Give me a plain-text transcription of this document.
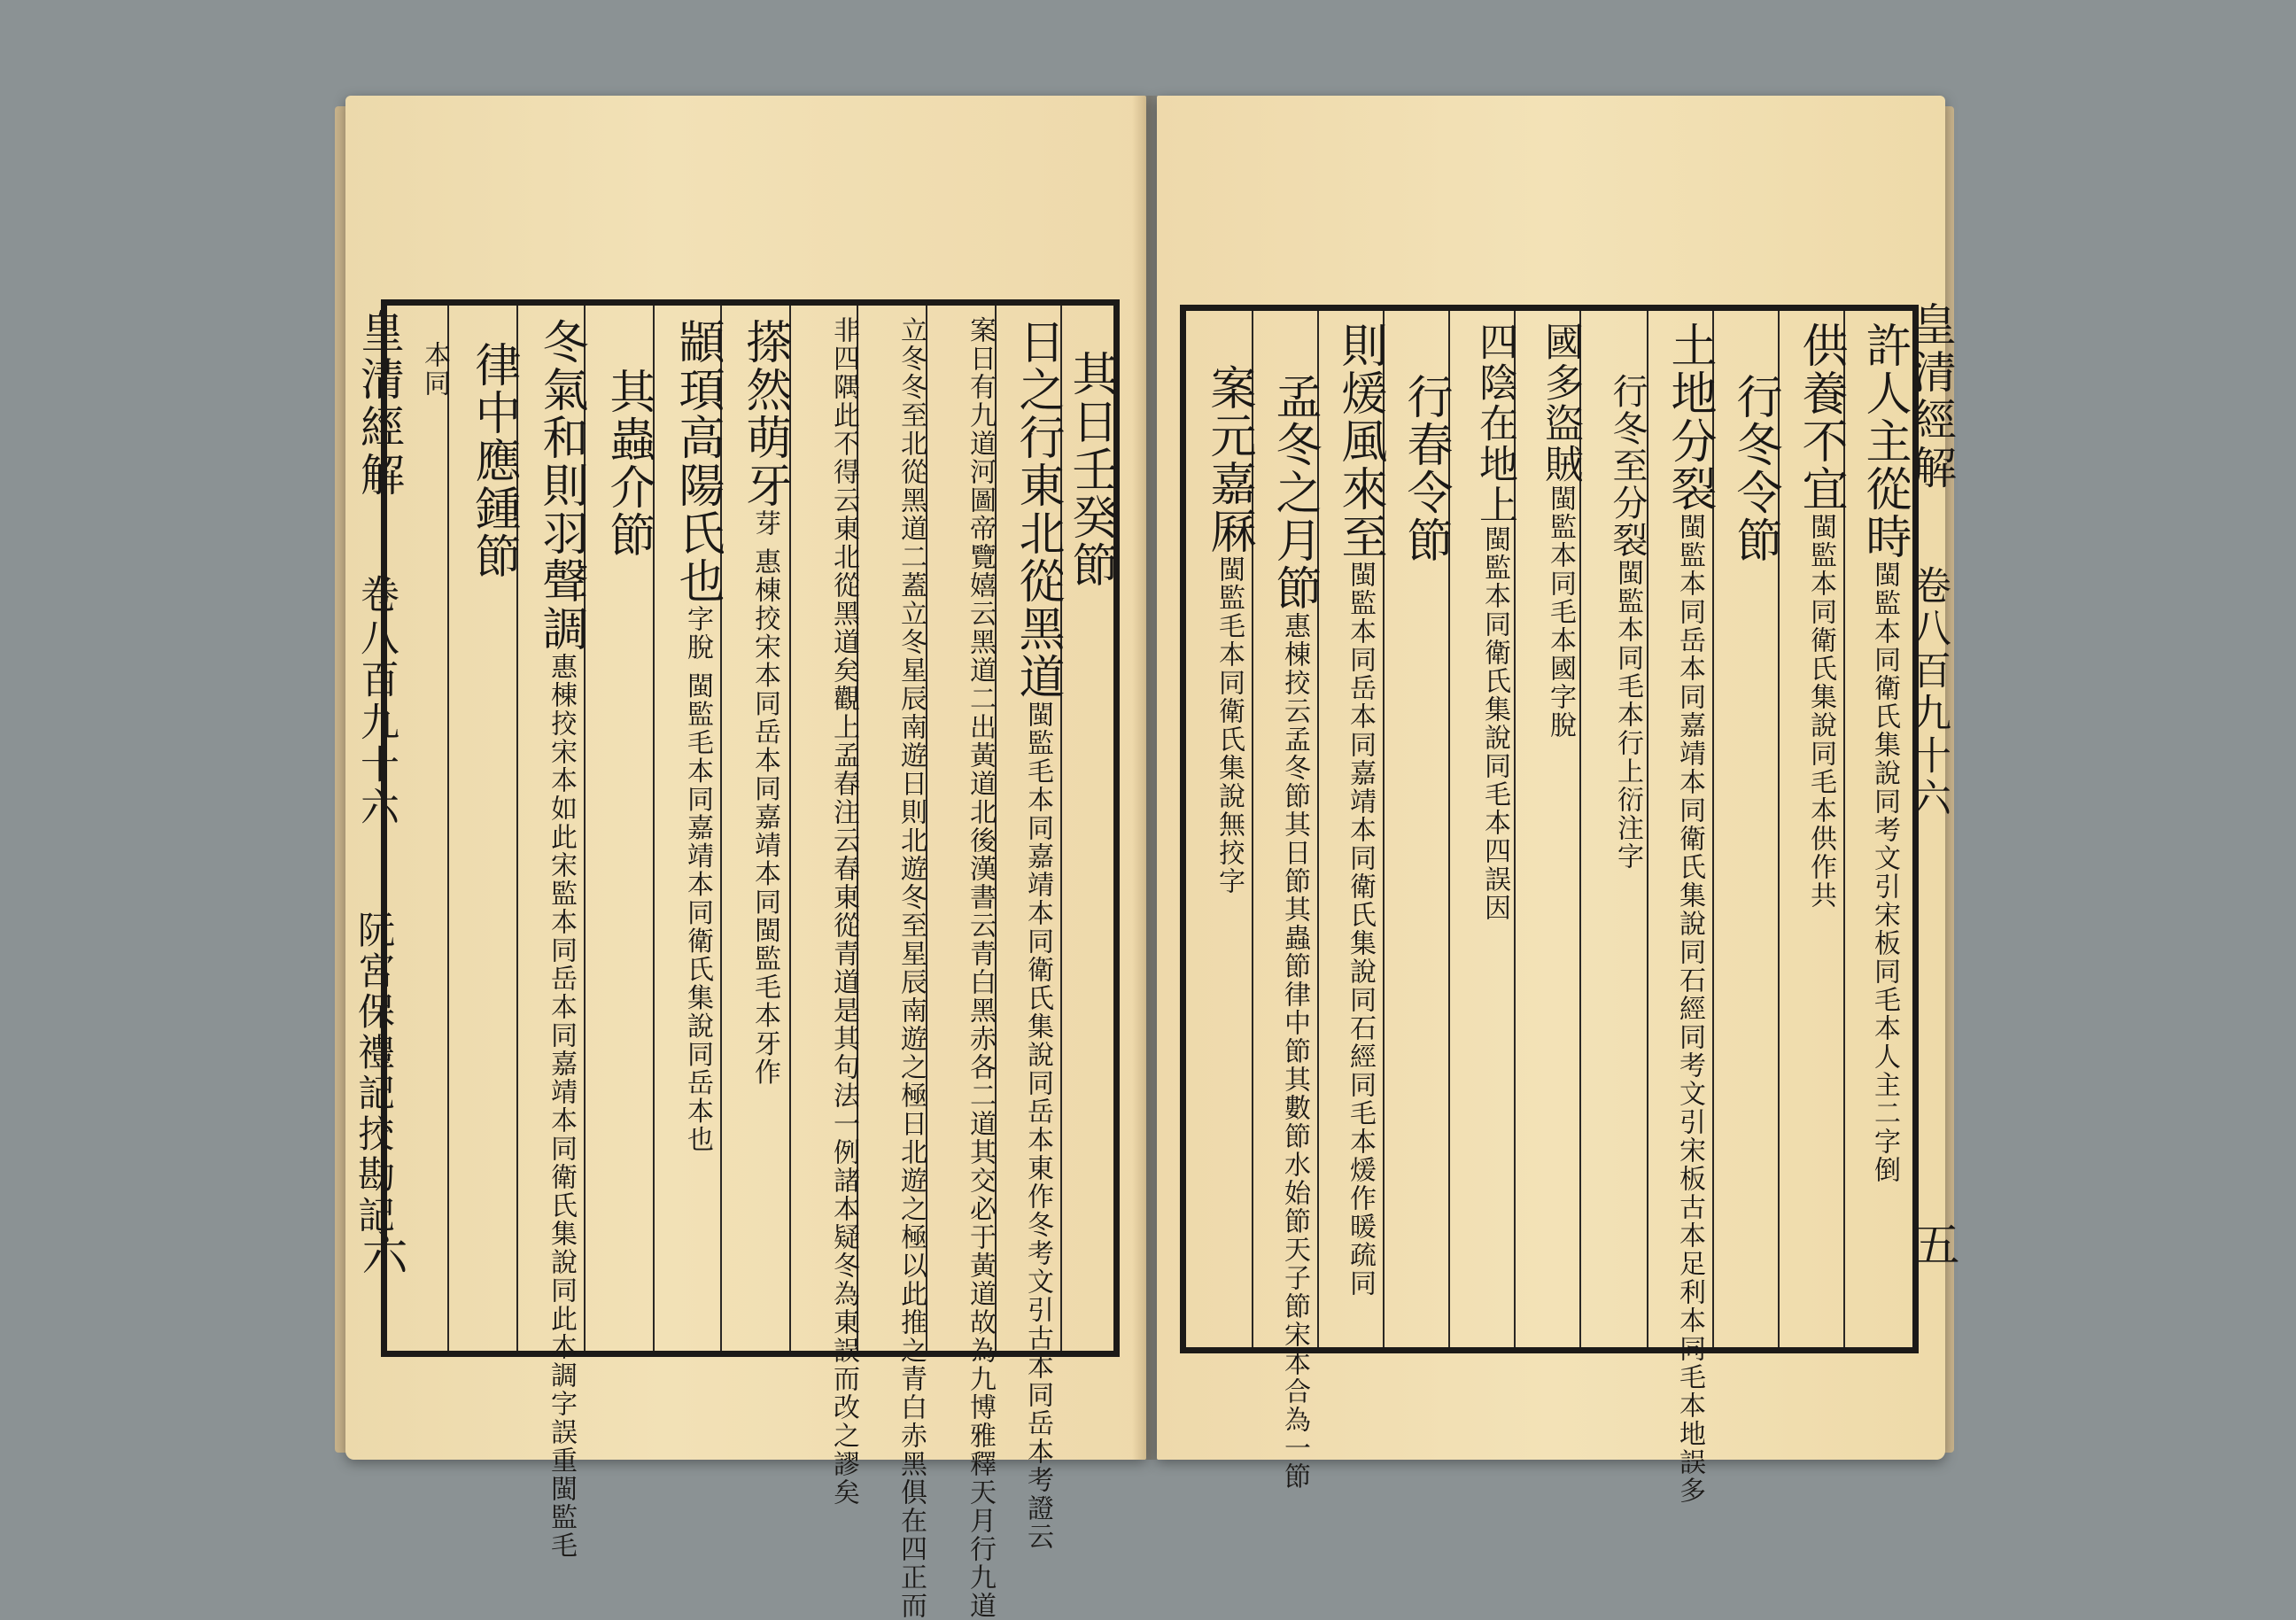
皇清經解
卷八百九十六
阮宮保禮記挍勘記
六
其日壬癸節
日之行東北從黑道閩監毛本同嘉靖本同衛氏集說同岳本東作冬考文引古本同岳本考證云
案日有九道河圖帝覽嬉云黑道二出黃道北後漢書云青白黑赤各二道其交必于黃道故為九博雅釋天月行九道
立冬冬至北從黑道二蓋立冬星辰南遊日則北遊冬至星辰南遊之極日北遊之極以此推之青白赤黑俱在四正而
非四隅此不得云東北從黑道矣觀上孟春注云春東從青道是其句法一例諸本疑冬為東誤而改之謬矣
搽然萌牙芽 惠棟挍宋本同岳本同嘉靖本同閩監毛本牙作
顓頊高陽氏也字脫 閩監毛本同嘉靖本同衛氏集說同岳本也
其蟲介節
冬氣和則羽聲調惠棟挍宋本如此宋監本同岳本同嘉靖本同衛氏集說同此本調字誤重閩監毛
律中應鍾節
本同	皇清經解
卷八百九十六
五
許人主從時閩監本同衛氏集說同考文引宋板同毛本人主二字倒
供養不宜閩監本同衛氏集說同毛本供作共
行冬令節
土地分裂閩監本同岳本同嘉靖本同衛氏集說同石經同考文引宋板古本足利本同毛本地誤多
行冬至分裂閩監本同毛本行上衍注字
國多盜賊閩監本同毛本國字脫
四陰在地上閩監本同衛氏集說同毛本四誤因
行春令節
則煖風來至閩監本同岳本同嘉靖本同衛氏集說同石經同毛本煖作暖疏同
孟冬之月節惠棟挍云孟冬節其日節其蟲節律中節其數節水始節天子節宋本合為一節
案元嘉厤閩監毛本同衛氏集說無挍字
